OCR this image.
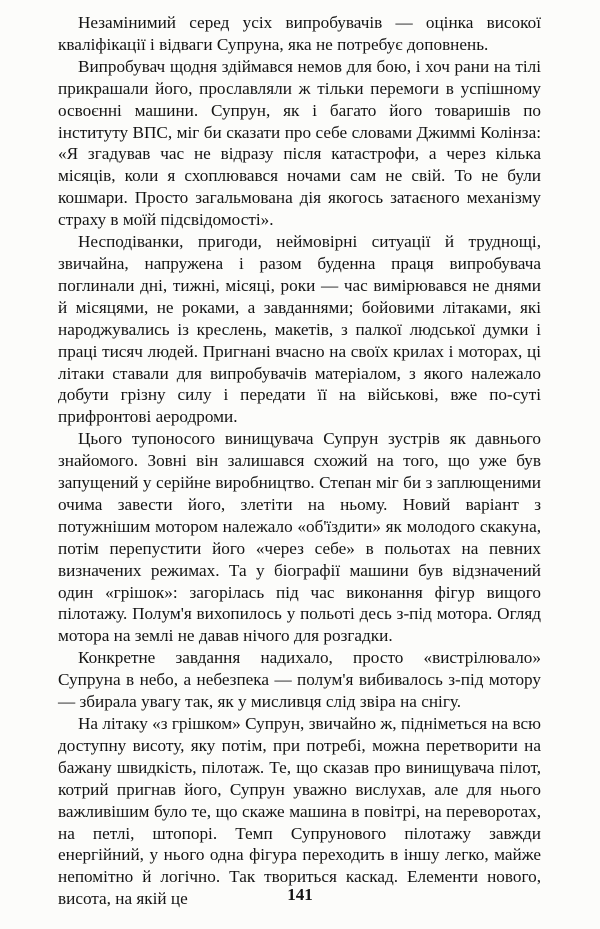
Незамінимий серед усіх випробувачів — оцінка високої кваліфікації і відваги Супруна, яка не потребує доповнень.

Випробувач щодня здіймався немов для бою, і хоч рани на тілі прикрашали його, прославляли ж тільки перемоги в успішному освоєнні машини. Супрун, як і багато його товаришів по інституту ВПС, міг би сказати про себе словами Джиммі Колінза: «Я згадував час не відразу після катастрофи, а через кілька місяців, коли я схоплювався ночами сам не свій. То не були кошмари. Просто загальмована дія якогось затаєного механізму страху в моїй підсвідомості».

Несподіванки, пригоди, неймовірні ситуації й труднощі, звичайна, напружена і разом буденна праця випробувача поглинали дні, тижні, місяці, роки — час вимірювався не днями й місяцями, не роками, а завданнями; бойовими літаками, які народжувались із креслень, макетів, з палкої людської думки і праці тисяч людей. Пригнані вчасно на своїх крилах і моторах, ці літаки ставали для випробувачів матеріалом, з якого належало добути грізну силу і передати її на військові, вже по-суті прифронтові аеродроми.

Цього тупоносого винищувача Супрун зустрів як давнього знайомого. Зовні він залишався схожий на того, що уже був запущений у серійне виробництво. Степан міг би з заплющеними очима завести його, злетіти на ньому. Новий варіант з потужнішим мотором належало «об'їздити» як молодого скакуна, потім перепустити його «через себе» в польотах на певних визначених режимах. Та у біографії машини був відзначений один «грішок»: загорілась під час виконання фігур вищого пілотажу. Полум'я вихопилось у польоті десь з-під мотора. Огляд мотора на землі не давав нічого для розгадки.

Конкретне завдання надихало, просто «вистрілювало» Супруна в небо, а небезпека — полум'я вибивалось з-під мотору — збирала увагу так, як у мисливця слід звіра на снігу.

На літаку «з грішком» Супрун, звичайно ж, підніметься на всю доступну висоту, яку потім, при потребі, можна перетворити на бажану швидкість, пілотаж. Те, що сказав про винищувача пілот, котрий пригнав його, Супрун уважно вислухав, але для нього важливішим було те, що скаже машина в повітрі, на переворотах, на петлі, штопорі. Темп Супрунового пілотажу завжди енергійний, у нього одна фігура переходить в іншу легко, майже непомітно й логічно. Так твориться каскад. Елементи нового, висота, на якій це	141
